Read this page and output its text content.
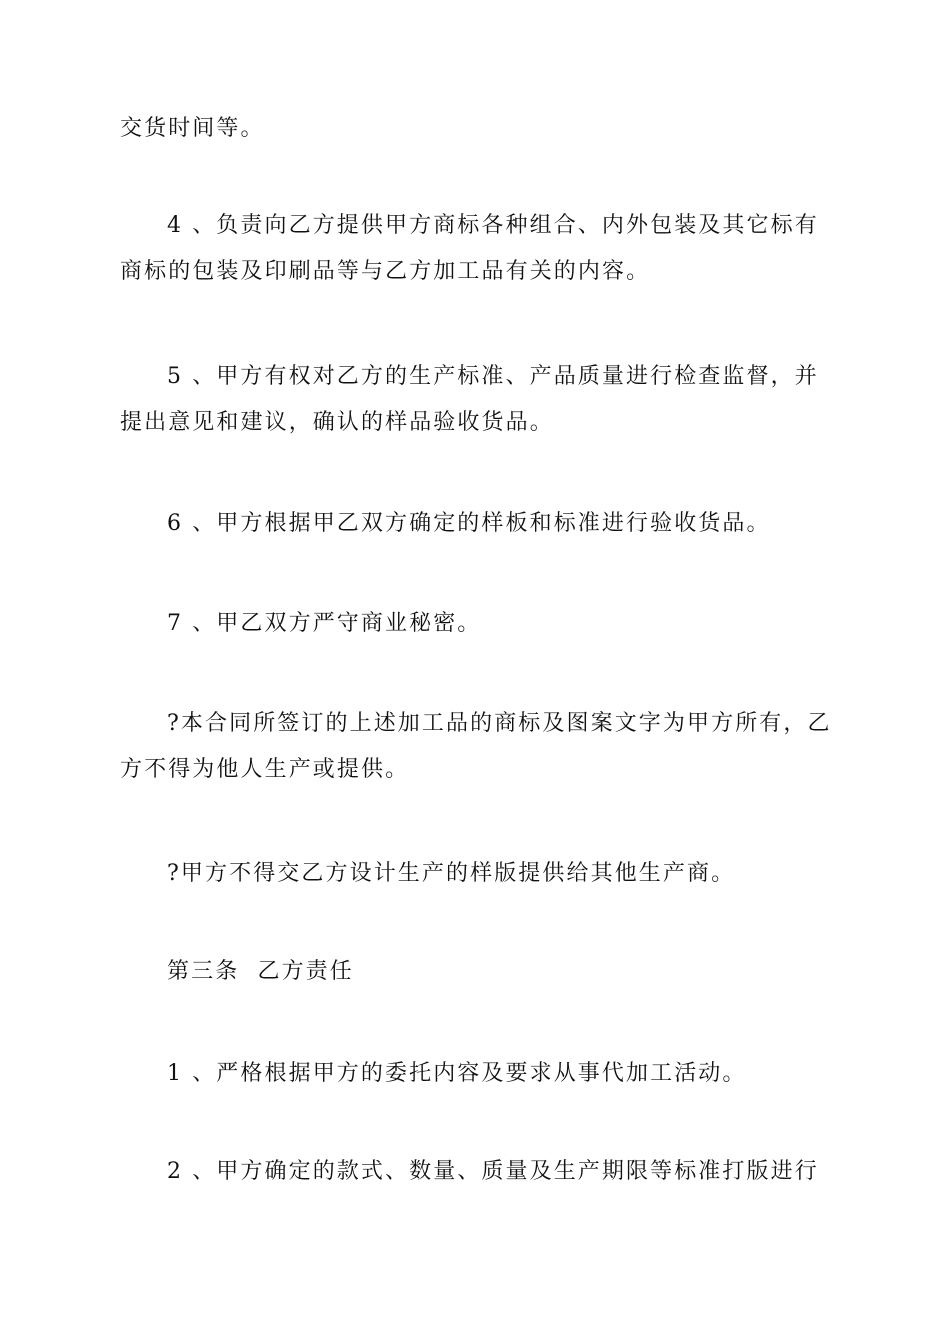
交货时间等。

4 、负责向乙方提供甲方商标各种组合、内外包装及其它标有商标的包装及印刷品等与乙方加工品有关的内容。

5 、甲方有权对乙方的生产标准、产品质量进行检查监督，并提出意见和建议，确认的样品验收货品。

6 、甲方根据甲乙双方确定的样板和标准进行验收货品。

7 、甲乙双方严守商业秘密。

?本合同所签订的上述加工品的商标及图案文字为甲方所有，乙方不得为他人生产或提供。

?甲方不得交乙方设计生产的样版提供给其他生产商。

第三条  乙方责任

1 、严格根据甲方的委托内容及要求从事代加工活动。

2 、甲方确定的款式、数量、质量及生产期限等标准打版进行
